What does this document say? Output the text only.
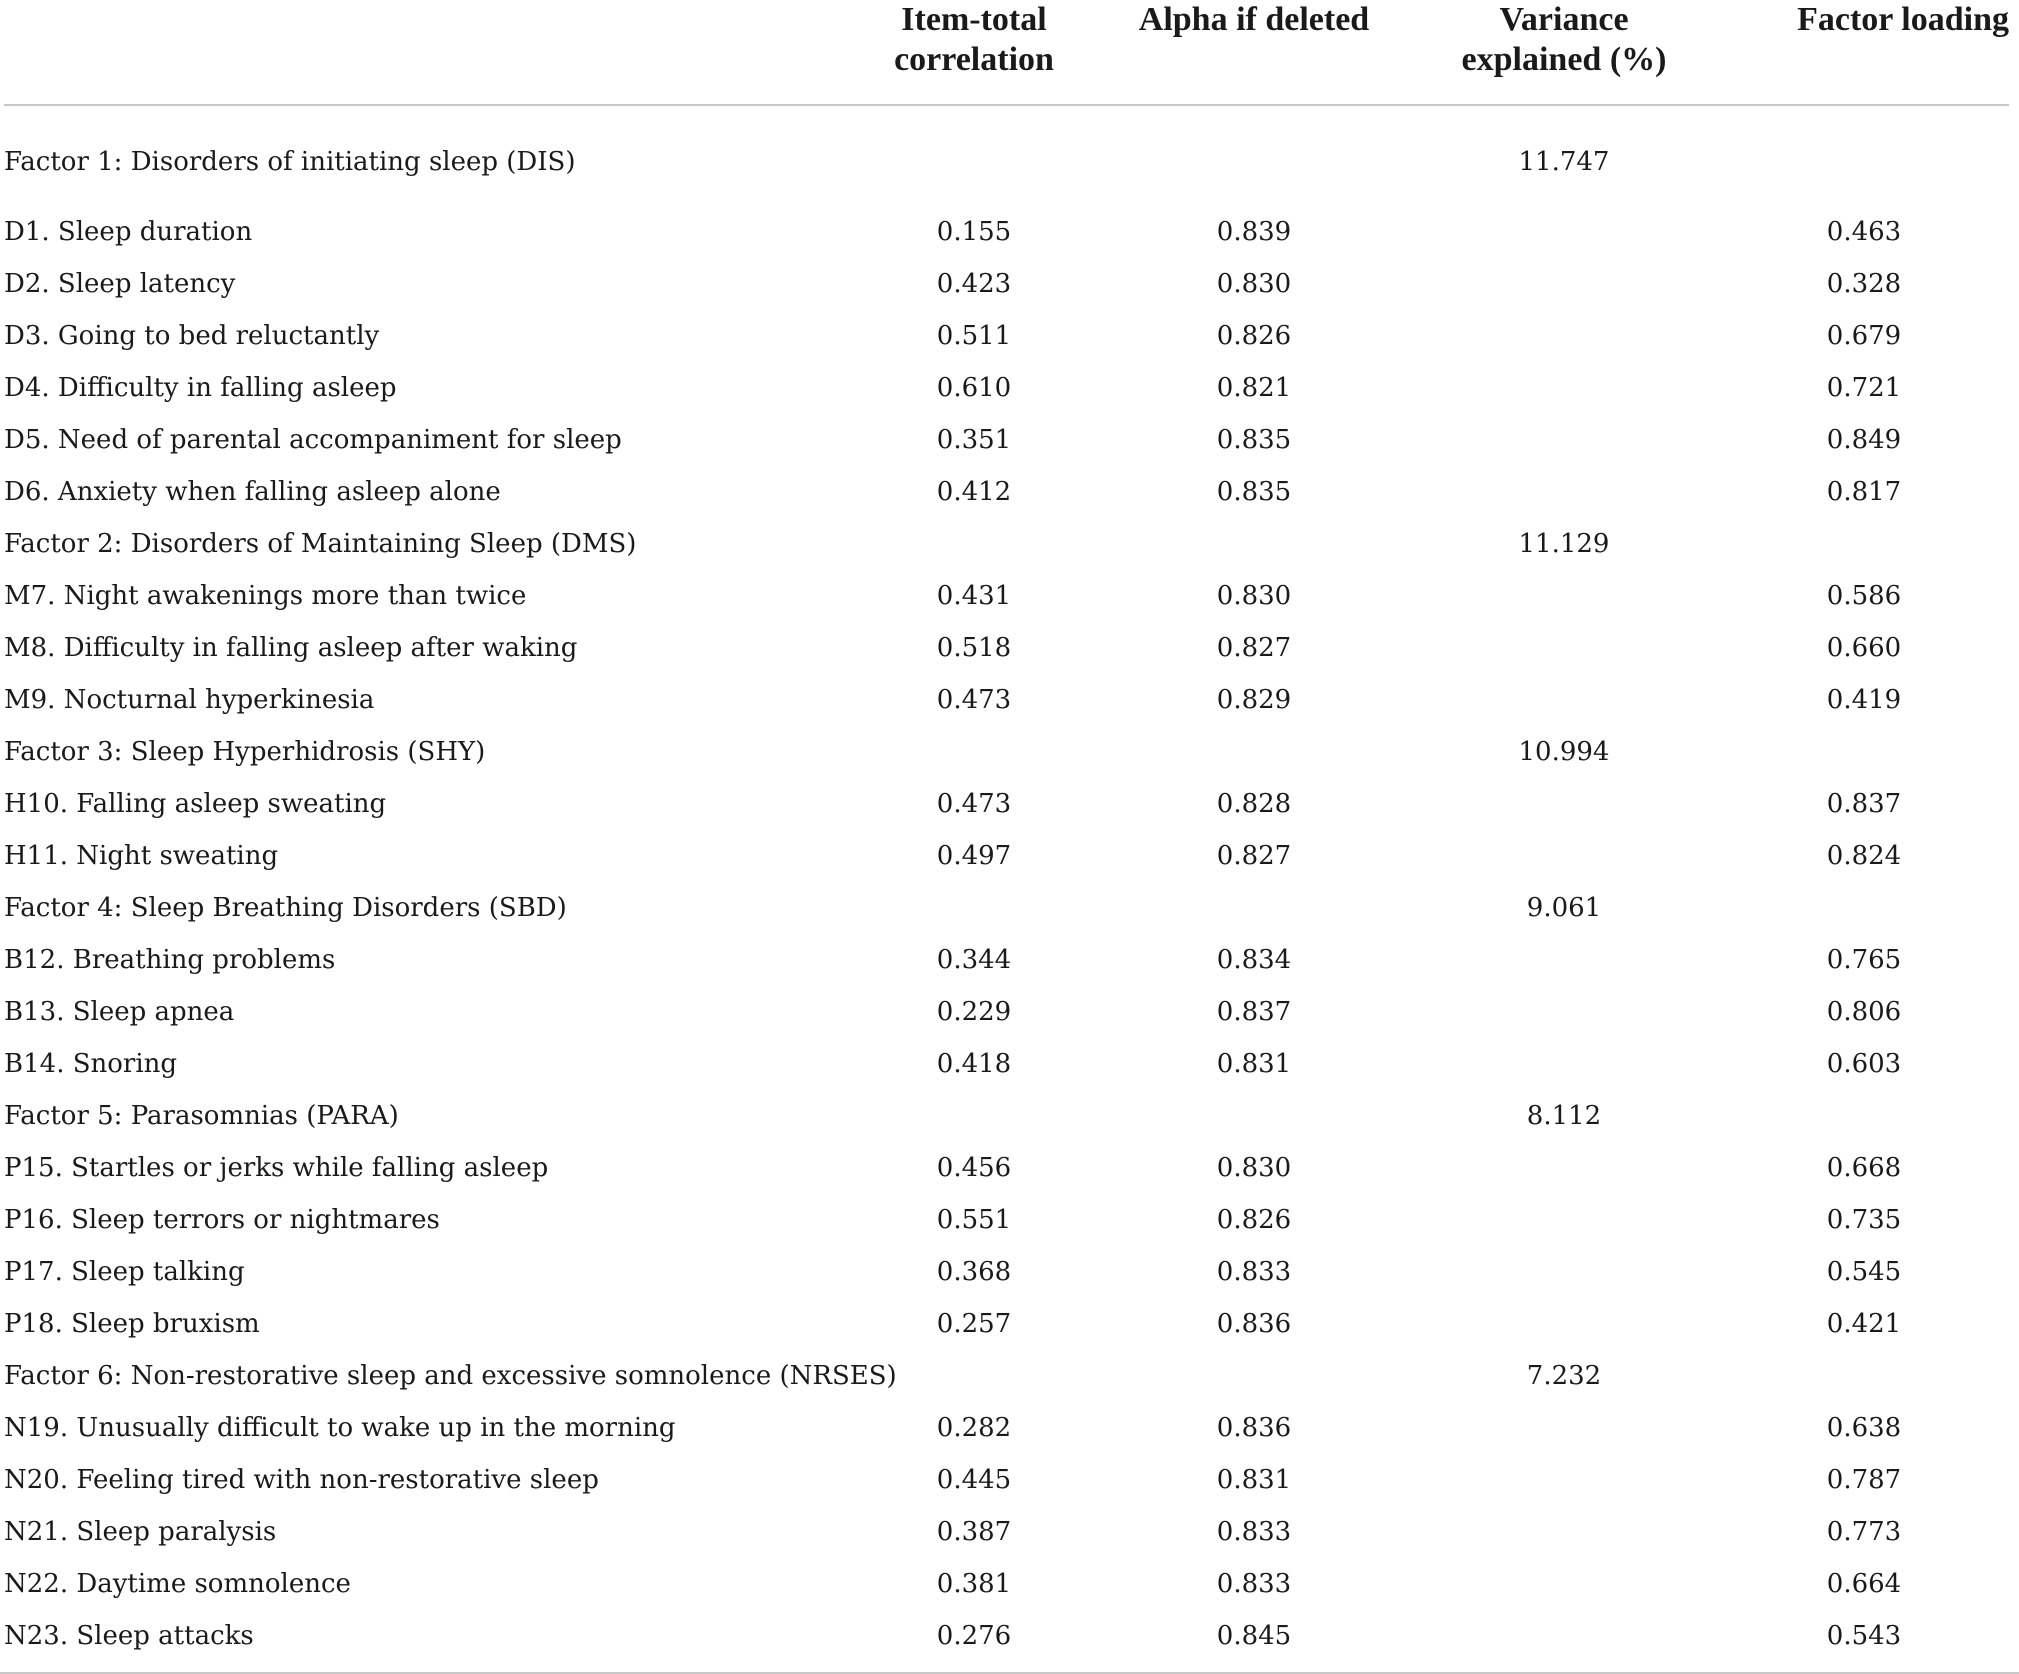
	Item-total
correlation	Alpha if deleted	Variance
explained (%)	Factor loading

Factor 1: Disorders of initiating sleep (DIS)			11.747	
D1. Sleep duration	0.155	0.839		0.463
D2. Sleep latency	0.423	0.830		0.328
D3. Going to bed reluctantly	0.511	0.826		0.679
D4. Difficulty in falling asleep	0.610	0.821		0.721
D5. Need of parental accompaniment for sleep	0.351	0.835		0.849
D6. Anxiety when falling asleep alone	0.412	0.835		0.817
Factor 2: Disorders of Maintaining Sleep (DMS)			11.129	
M7. Night awakenings more than twice	0.431	0.830		0.586
M8. Difficulty in falling asleep after waking	0.518	0.827		0.660
M9. Nocturnal hyperkinesia	0.473	0.829		0.419
Factor 3: Sleep Hyperhidrosis (SHY)			10.994	
H10. Falling asleep sweating	0.473	0.828		0.837
H11. Night sweating	0.497	0.827		0.824
Factor 4: Sleep Breathing Disorders (SBD)			9.061	
B12. Breathing problems	0.344	0.834		0.765
B13. Sleep apnea	0.229	0.837		0.806
B14. Snoring	0.418	0.831		0.603
Factor 5: Parasomnias (PARA)			8.112	
P15. Startles or jerks while falling asleep	0.456	0.830		0.668
P16. Sleep terrors or nightmares	0.551	0.826		0.735
P17. Sleep talking	0.368	0.833		0.545
P18. Sleep bruxism	0.257	0.836		0.421
Factor 6: Non-restorative sleep and excessive somnolence (NRSES)			7.232	
N19. Unusually difficult to wake up in the morning	0.282	0.836		0.638
N20. Feeling tired with non-restorative sleep	0.445	0.831		0.787
N21. Sleep paralysis	0.387	0.833		0.773
N22. Daytime somnolence	0.381	0.833		0.664
N23. Sleep attacks	0.276	0.845		0.543
